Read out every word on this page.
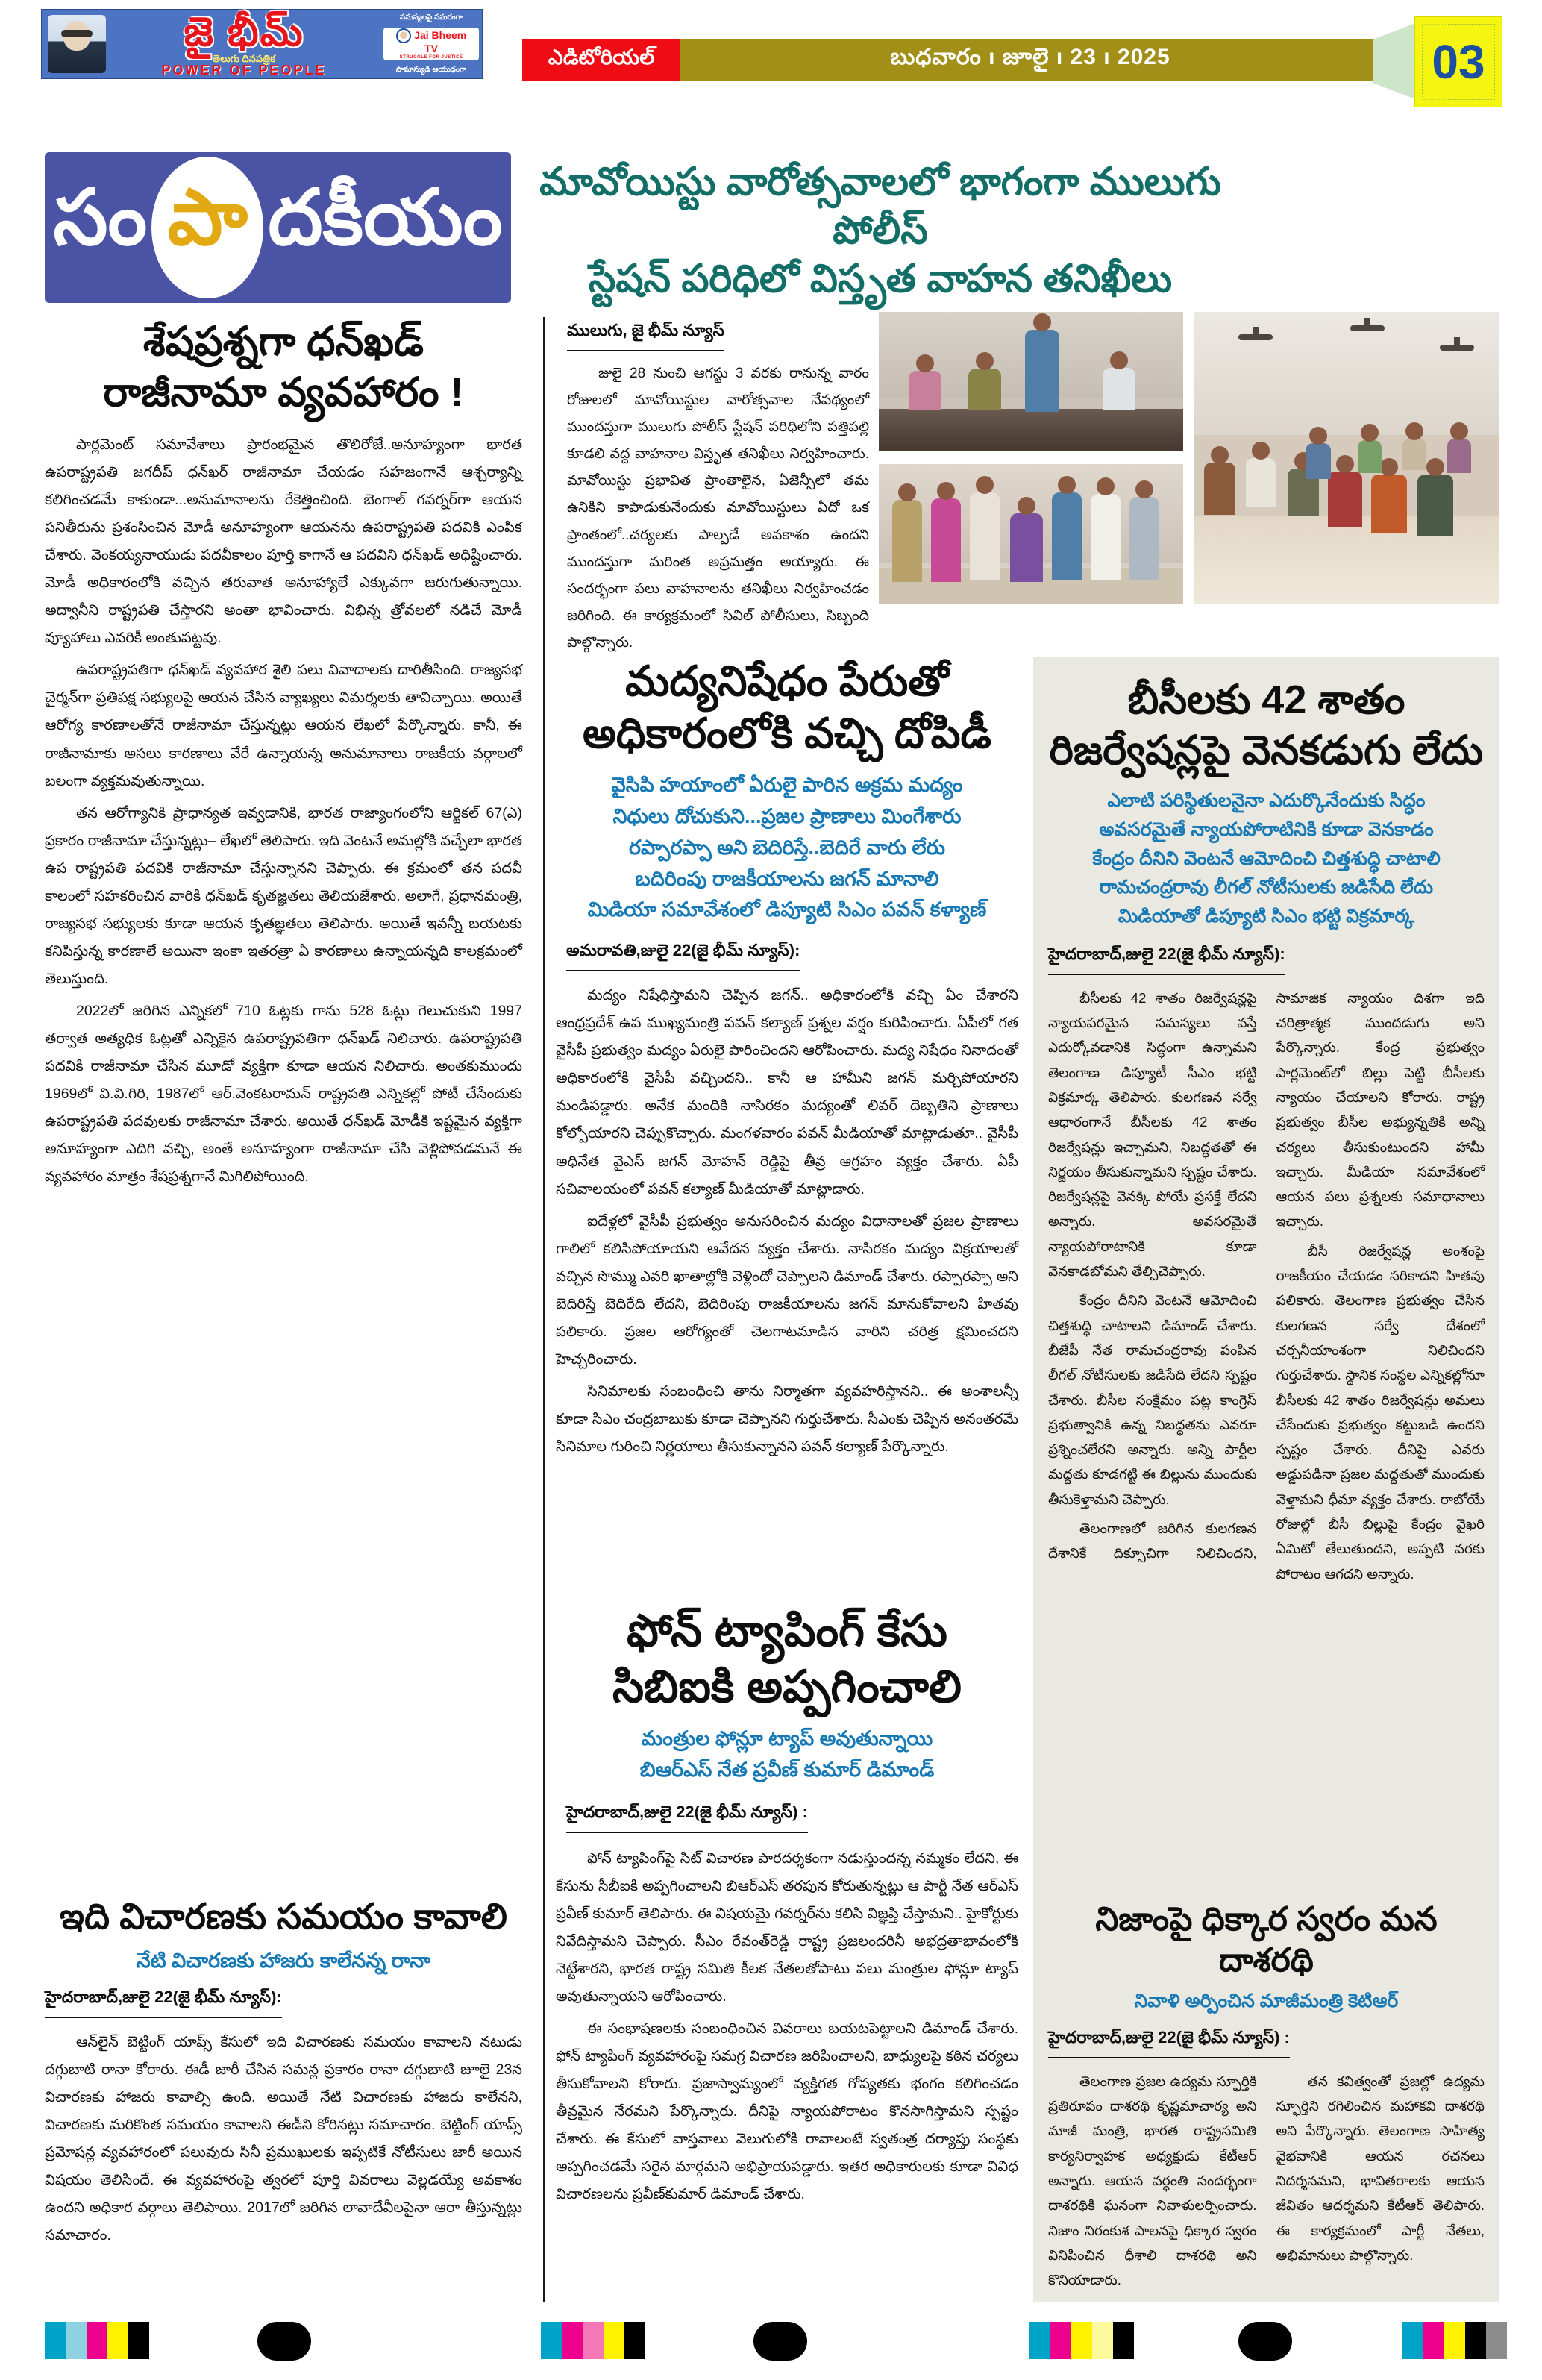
జై భీమ్
తెలుగు దినపత్రిక
POWER OF PEOPLE
సమస్యలపై సమరంగా
Jai Bheem TV
STRUGGLE FOR JUSTICE
సామాన్యుడి ఆయుధంగా
ఎడిటోరియల్	బుధవారం ı జూలై ı 23 ı 2025	03
సం పా దకీయం
శేషప్రశ్నగా ధన్‌ఖడ్
రాజీనామా వ్యవహారం !

పార్లమెంట్ సమావేశాలు ప్రారంభమైన తొలిరోజే..అనూహ్యంగా భారత ఉపరాష్ట్రపతి జగదీప్ ధన్‌ఖర్ రాజీనామా చేయడం సహజంగానే ఆశ్చర్యాన్ని కలిగించడమే కాకుండా...అనుమానాలను రేకెత్తించింది. బెంగాల్ గవర్నర్‌గా ఆయన పనితీరును ప్రశంసించిన మోడీ అనూహ్యంగా ఆయనను ఉపరాష్ట్రపతి పదవికి ఎంపిక చేశారు. వెంకయ్యనాయుడు పదవీకాలం పూర్తి కాగానే ఆ పదవిని ధన్‌ఖడ్ అధిష్టించారు. మోడీ అధికారంలోకి వచ్చిన తరువాత అనూహ్యాలే ఎక్కువగా జరుగుతున్నాయి. అద్వానీని రాష్ట్రపతి చేస్తారని అంతా భావించారు. విభిన్న త్రోవలలో నడిచే మోడీ వ్యూహాలు ఎవరికీ అంతుపట్టవు.

ఉపరాష్ట్రపతిగా ధన్‌ఖడ్ వ్యవహార శైలి పలు వివాదాలకు దారితీసింది. రాజ్యసభ చైర్మన్‌గా ప్రతిపక్ష సభ్యులపై ఆయన చేసిన వ్యాఖ్యలు విమర్శలకు తావిచ్చాయి. అయితే ఆరోగ్య కారణాలతోనే రాజీనామా చేస్తున్నట్లు ఆయన లేఖలో పేర్కొన్నారు. కానీ, ఈ రాజీనామాకు అసలు కారణాలు వేరే ఉన్నాయన్న అనుమానాలు రాజకీయ వర్గాలలో బలంగా వ్యక్తమవుతున్నాయి.

తన ఆరోగ్యానికి ప్రాధాన్యత ఇవ్వడానికి, భారత రాజ్యాంగంలోని ఆర్టికల్ 67(ఎ) ప్రకారం రాజీనామా చేస్తున్నట్లు– లేఖలో తెలిపారు. ఇది వెంటనే అమల్లోకి వచ్చేలా భారత ఉప రాష్ట్రపతి పదవికి రాజీనామా చేస్తున్నానని చెప్పారు. ఈ క్రమంలో తన పదవీ కాలంలో సహకరించిన వారికి ధన్‌ఖడ్ కృతజ్ఞతలు తెలియజేశారు. అలాగే, ప్రధానమంత్రి, రాజ్యసభ సభ్యులకు కూడా ఆయన కృతజ్ఞతలు తెలిపారు. అయితే ఇవన్నీ బయటకు కనిపిస్తున్న కారణాలే అయినా ఇంకా ఇతరత్రా ఏ కారణాలు ఉన్నాయన్నది కాలక్రమంలో తెలుస్తుంది.

2022లో జరిగిన ఎన్నికలో 710 ఓట్లకు గాను 528 ఓట్లు గెలుచుకుని 1997 తర్వాత అత్యధిక ఓట్లతో ఎన్నికైన ఉపరాష్ట్రపతిగా ధన్‌ఖడ్ నిలిచారు. ఉపరాష్ట్రపతి పదవికి రాజీనామా చేసిన మూడో వ్యక్తిగా కూడా ఆయన నిలిచారు. అంతకుముందు 1969లో వి.వి.గిరి, 1987లో ఆర్.వెంకటరామన్ రాష్ట్రపతి ఎన్నికల్లో పోటీ చేసేందుకు ఉపరాష్ట్రపతి పదవులకు రాజీనామా చేశారు. అయితే ధన్‌ఖడ్ మోడీకి ఇష్టమైన వ్యక్తిగా అనూహ్యంగా ఎదిగి వచ్చి, అంతే అనూహ్యంగా రాజీనామా చేసి వెళ్లిపోవడమనే ఈ వ్యవహారం మాత్రం శేషప్రశ్నగానే మిగిలిపోయింది.

ఇది విచారణకు సమయం కావాలి
నేటి విచారణకు హాజరు కాలేనన్న రానా
హైదరాబాద్,జులై 22(జై భీమ్ న్యూస్):

ఆన్‌లైన్ బెట్టింగ్ యాప్స్ కేసులో ఇది విచారణకు సమయం కావాలని నటుడు దగ్గుబాటి రానా కోరారు. ఈడీ జారీ చేసిన సమన్ల ప్రకారం రానా దగ్గుబాటి జూలై 23న విచారణకు హాజరు కావాల్సి ఉంది. అయితే నేటి విచారణకు హాజరు కాలేనని, విచారణకు మరికొంత సమయం కావాలని ఈడీని కోరినట్లు సమాచారం. బెట్టింగ్ యాప్స్ ప్రమోషన్ల వ్యవహారంలో పలువురు సినీ ప్రముఖులకు ఇప్పటికే నోటీసులు జారీ అయిన విషయం తెలిసిందే. ఈ వ్యవహారంపై త్వరలో పూర్తి వివరాలు వెల్లడయ్యే అవకాశం ఉందని అధికార వర్గాలు తెలిపాయి. 2017లో జరిగిన లావాదేవీలపైనా ఆరా తీస్తున్నట్లు సమాచారం.

మావోయిస్టు వారోత్సవాలలో భాగంగా ములుగు పోలీస్
స్టేషన్ పరిధిలో విస్తృత వాహన తనిఖీలు
ములుగు, జై భీమ్ న్యూస్

జులై 28 నుంచి ఆగస్టు 3 వరకు రానున్న వారం రోజులలో మావోయిస్టుల వారోత్సవాల నేపథ్యంలో ముందస్తుగా ములుగు పోలీస్ స్టేషన్ పరిధిలోని పత్తిపల్లి కూడలి వద్ద వాహనాల విస్తృత తనిఖీలు నిర్వహించారు. మావోయిస్టు ప్రభావిత ప్రాంతాలైన, ఏజెన్సీలో తమ ఉనికిని కాపాడుకునేందుకు మావోయిస్టులు ఏదో ఒక ప్రాంతంలో..చర్యలకు పాల్పడే అవకాశం ఉందని ముందస్తుగా మరింత అప్రమత్తం అయ్యారు. ఈ సందర్భంగా పలు వాహనాలను తనిఖీలు నిర్వహించడం జరిగింది. ఈ కార్యక్రమంలో సివిల్ పోలీసులు, సిబ్బంది పాల్గొన్నారు.

మద్యనిషేధం పేరుతో
అధికారంలోకి వచ్చి దోపిడీ
వైసిపి హయాంలో ఏరులై పారిన అక్రమ మద్యం
నిధులు దోచుకుని...ప్రజల ప్రాణాలు మింగేశారు
రప్పారప్పా అని బెదిరిస్తే..బెదిరే వారు లేరు
బదిరింపు రాజకీయాలను జగన్ మానాలి
మిడియా సమావేశంలో డిప్యూటి సిఎం పవన్ కళ్యాణ్
అమరావతి,జులై 22(జై భీమ్ న్యూస్):

మద్యం నిషేధిస్తామని చెప్పిన జగన్.. అధికారంలోకి వచ్చి ఏం చేశారని ఆంధ్రప్రదేశ్ ఉప ముఖ్యమంత్రి పవన్ కల్యాణ్ ప్రశ్నల వర్షం కురిపించారు. ఏపీలో గత వైసీపీ ప్రభుత్వం మద్యం ఏరులై పారించిందని ఆరోపించారు. మద్య నిషేధం నినాదంతో అధికారంలోకి వైసీపీ వచ్చిందని.. కానీ ఆ హామీని జగన్ మర్చిపోయారని మండిపడ్డారు. అనేక మందికి నాసిరకం మద్యంతో లివర్ దెబ్బతిని ప్రాణాలు కోల్పోయారని చెప్పుకొచ్చారు. మంగళవారం పవన్ మీడియాతో మాట్లాడుతూ.. వైసీపీ అధినేత వైఎస్ జగన్ మోహన్ రెడ్డిపై తీవ్ర ఆగ్రహం వ్యక్తం చేశారు. ఏపీ సచివాలయంలో పవన్ కల్యాణ్ మీడియాతో మాట్లాడారు.

ఐదేళ్లలో వైసీపీ ప్రభుత్వం అనుసరించిన మద్యం విధానాలతో ప్రజల ప్రాణాలు గాలిలో కలిసిపోయాయని ఆవేదన వ్యక్తం చేశారు. నాసిరకం మద్యం విక్రయాలతో వచ్చిన సొమ్ము ఎవరి ఖాతాల్లోకి వెళ్లిందో చెప్పాలని డిమాండ్ చేశారు. రప్పారప్పా అని బెదిరిస్తే బెదిరేది లేదని, బెదిరింపు రాజకీయాలను జగన్ మానుకోవాలని హితవు పలికారు. ప్రజల ఆరోగ్యంతో చెలగాటమాడిన వారిని చరిత్ర క్షమించదని హెచ్చరించారు.

సినిమాలకు సంబంధించి తాను నిర్మాతగా వ్యవహరిస్తానని.. ఈ అంశాలన్నీ కూడా సిఎం చంద్రబాబుకు కూడా చెప్పానని గుర్తుచేశారు. సీఎంకు చెప్పిన అనంతరమే సినిమాల గురించి నిర్ణయాలు తీసుకున్నానని పవన్ కల్యాణ్ పేర్కొన్నారు.

ఫోన్ ట్యాపింగ్ కేసు
సిబిఐకి అప్పగించాలి
మంత్రుల ఫోన్లూ ట్యాప్ అవుతున్నాయి
బిఆర్ఎస్ నేత ప్రవీణ్ కుమార్ డిమాండ్
హైదరాబాద్,జులై 22(జై భీమ్ న్యూస్) :

ఫోన్ ట్యాపింగ్‌పై సిట్ విచారణ పారదర్శకంగా నడుస్తుందన్న నమ్మకం లేదని, ఈ కేసును సీబీఐకి అప్పగించాలని బిఆర్ఎస్ తరపున కోరుతున్నట్లు ఆ పార్టీ నేత ఆర్ఎస్ ప్రవీణ్ కుమార్ తెలిపారు. ఈ విషయమై గవర్నర్‌ను కలిసి విజ్ఞప్తి చేస్తామని.. హైకోర్టుకు నివేదిస్తామని చెప్పారు. సీఎం రేవంత్‌రెడ్డి రాష్ట్ర ప్రజలందరినీ అభద్రతాభావంలోకి నెట్టేశారని, భారత రాష్ట్ర సమితి కీలక నేతలతోపాటు పలు మంత్రుల ఫోన్లూ ట్యాప్ అవుతున్నాయని ఆరోపించారు.

ఈ సంభాషణలకు సంబంధించిన వివరాలు బయటపెట్టాలని డిమాండ్ చేశారు. ఫోన్ ట్యాపింగ్ వ్యవహారంపై సమగ్ర విచారణ జరిపించాలని, బాధ్యులపై కఠిన చర్యలు తీసుకోవాలని కోరారు. ప్రజాస్వామ్యంలో వ్యక్తిగత గోప్యతకు భంగం కలిగించడం తీవ్రమైన నేరమని పేర్కొన్నారు. దీనిపై న్యాయపోరాటం కొనసాగిస్తామని స్పష్టం చేశారు. ఈ కేసులో వాస్తవాలు వెలుగులోకి రావాలంటే స్వతంత్ర దర్యాప్తు సంస్థకు అప్పగించడమే సరైన మార్గమని అభిప్రాయపడ్డారు. ఇతర అధికారులకు కూడా వివిధ విచారణలను ప్రవీణ్‌కుమార్ డిమాండ్ చేశారు.

బీసీలకు 42 శాతం
రిజర్వేషన్లపై వెనకడుగు లేదు
ఎలాటి పరిస్థితులనైనా ఎదుర్కొనేందుకు సిద్ధం
అవసరమైతే న్యాయపోరాటినికి కూడా వెనకాడం
కేంద్రం దీనిని వెంటనే ఆమోదించి చిత్తశుద్ధి చాటాలి
రామచంద్రరావు లీగల్ నోటీసులకు జడిసేది లేదు
మిడియాతో డిప్యూటి సిఎం భట్టి విక్రమార్క
హైదరాబాద్,జులై 22(జై భీమ్ న్యూస్):

బీసీలకు 42 శాతం రిజర్వేషన్లపై న్యాయపరమైన సమస్యలు వస్తే ఎదుర్కోవడానికి సిద్ధంగా ఉన్నామని తెలంగాణ డిప్యూటీ సీఎం భట్టి విక్రమార్క తెలిపారు. కులగణన సర్వే ఆధారంగానే బీసీలకు 42 శాతం రిజర్వేషన్లు ఇచ్చామని, నిబద్ధతతో ఈ నిర్ణయం తీసుకున్నామని స్పష్టం చేశారు. రిజర్వేషన్లపై వెనక్కి పోయే ప్రసక్తే లేదని అన్నారు. అవసరమైతే న్యాయపోరాటానికి కూడా వెనకాడబోమని తేల్చిచెప్పారు.

కేంద్రం దీనిని వెంటనే ఆమోదించి చిత్తశుద్ధి చాటాలని డిమాండ్ చేశారు. బీజేపీ నేత రామచంద్రరావు పంపిన లీగల్ నోటీసులకు జడిసేది లేదని స్పష్టం చేశారు. బీసీల సంక్షేమం పట్ల కాంగ్రెస్ ప్రభుత్వానికి ఉన్న నిబద్ధతను ఎవరూ ప్రశ్నించలేరని అన్నారు. అన్ని పార్టీల మద్దతు కూడగట్టి ఈ బిల్లును ముందుకు తీసుకెళ్తామని చెప్పారు.

తెలంగాణలో జరిగిన కులగణన దేశానికే దిక్సూచిగా నిలిచిందని, సామాజిక న్యాయం దిశగా ఇది చరిత్రాత్మక ముందడుగు అని పేర్కొన్నారు. కేంద్ర ప్రభుత్వం పార్లమెంట్‌లో బిల్లు పెట్టి బీసీలకు న్యాయం చేయాలని కోరారు. రాష్ట్ర ప్రభుత్వం బీసీల అభ్యున్నతికి అన్ని చర్యలు తీసుకుంటుందని హామీ ఇచ్చారు. మీడియా సమావేశంలో ఆయన పలు ప్రశ్నలకు సమాధానాలు ఇచ్చారు.

బీసీ రిజర్వేషన్ల అంశంపై రాజకీయం చేయడం సరికాదని హితవు పలికారు. తెలంగాణ ప్రభుత్వం చేసిన కులగణన సర్వే దేశంలో చర్చనీయాంశంగా నిలిచిందని గుర్తుచేశారు. స్థానిక సంస్థల ఎన్నికల్లోనూ బీసీలకు 42 శాతం రిజర్వేషన్లు అమలు చేసేందుకు ప్రభుత్వం కట్టుబడి ఉందని స్పష్టం చేశారు. దీనిపై ఎవరు అడ్డుపడినా ప్రజల మద్దతుతో ముందుకు వెళ్తామని ధీమా వ్యక్తం చేశారు. రాబోయే రోజుల్లో బీసీ బిల్లుపై కేంద్రం వైఖరి ఏమిటో తేలుతుందని, అప్పటి వరకు పోరాటం ఆగదని అన్నారు.

నిజాంపై ధిక్కార స్వరం మన దాశరథి
నివాళి అర్పించిన మాజీమంత్రి కెటిఆర్
హైదరాబాద్,జులై 22(జై భీమ్ న్యూస్) :

తెలంగాణ ప్రజల ఉద్యమ స్ఫూర్తికి ప్రతిరూపం దాశరథి కృష్ణమాచార్య అని మాజీ మంత్రి, భారత రాష్ట్రసమితి కార్యనిర్వాహక అధ్యక్షుడు కేటీఆర్ అన్నారు. ఆయన వర్ధంతి సందర్భంగా దాశరథికి ఘనంగా నివాళులర్పించారు. నిజాం నిరంకుశ పాలనపై ధిక్కార స్వరం వినిపించిన ధీశాలి దాశరథి అని కొనియాడారు.

తన కవిత్వంతో ప్రజల్లో ఉద్యమ స్ఫూర్తిని రగిలించిన మహాకవి దాశరథి అని పేర్కొన్నారు. తెలంగాణ సాహిత్య వైభవానికి ఆయన రచనలు నిదర్శనమని, భావితరాలకు ఆయన జీవితం ఆదర్శమని కేటీఆర్ తెలిపారు. ఈ కార్యక్రమంలో పార్టీ నేతలు, అభిమానులు పాల్గొన్నారు.
